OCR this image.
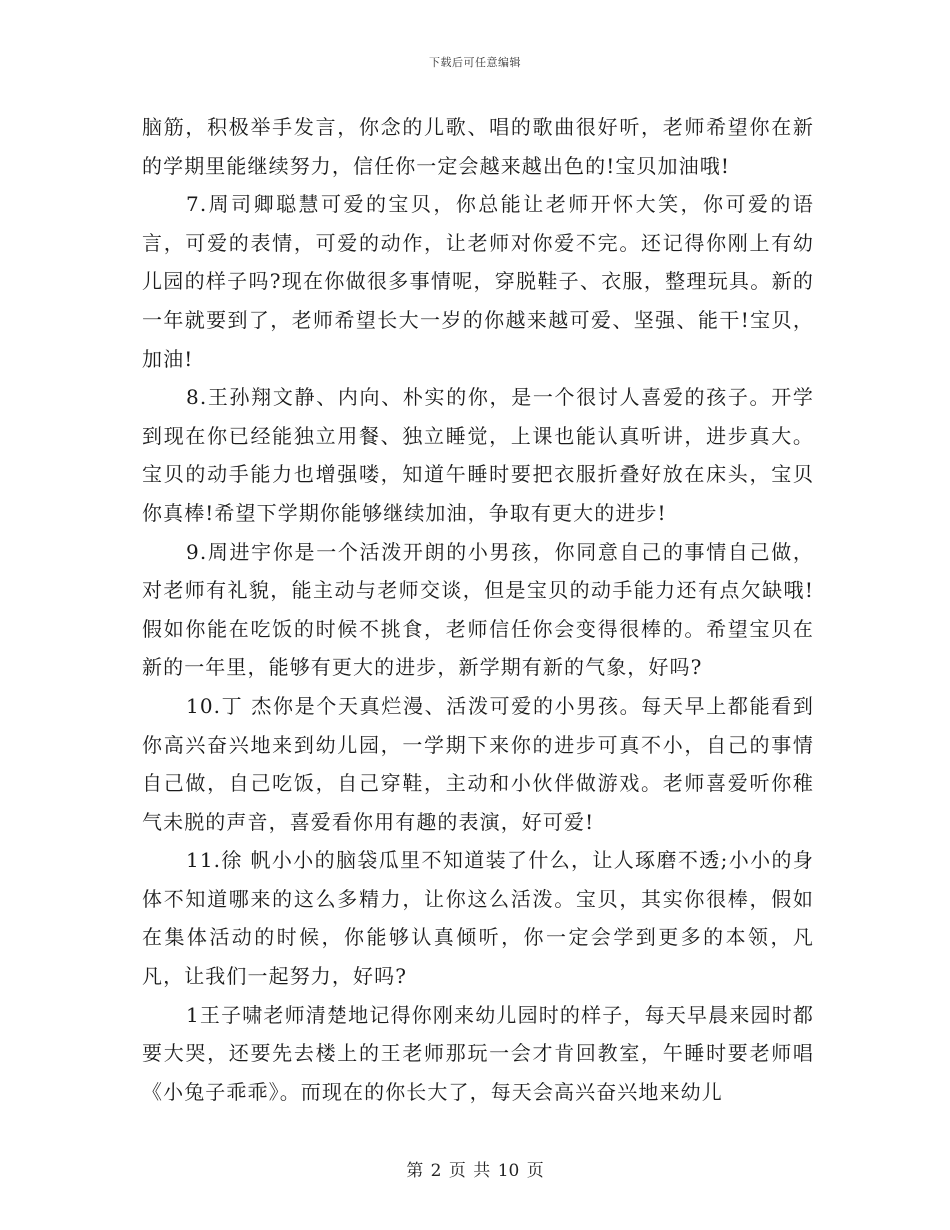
下载后可任意编辑

脑筋，积极举手发言，你念的儿歌、唱的歌曲很好听，老师希望你在新的学期里能继续努力，信任你一定会越来越出色的!宝贝加油哦!

7.周司卿聪慧可爱的宝贝，你总能让老师开怀大笑，你可爱的语言，可爱的表情，可爱的动作，让老师对你爱不完。还记得你刚上有幼儿园的样子吗?现在你做很多事情呢，穿脱鞋子、衣服，整理玩具。新的一年就要到了，老师希望长大一岁的你越来越可爱、坚强、能干!宝贝，加油!

8.王孙翔文静、内向、朴实的你，是一个很讨人喜爱的孩子。开学到现在你已经能独立用餐、独立睡觉，上课也能认真听讲，进步真大。宝贝的动手能力也增强喽，知道午睡时要把衣服折叠好放在床头，宝贝你真棒!希望下学期你能够继续加油，争取有更大的进步!

9.周进宇你是一个活泼开朗的小男孩，你同意自己的事情自己做，对老师有礼貌，能主动与老师交谈，但是宝贝的动手能力还有点欠缺哦!假如你能在吃饭的时候不挑食，老师信任你会变得很棒的。希望宝贝在新的一年里，能够有更大的进步，新学期有新的气象，好吗?

10.丁 杰你是个天真烂漫、活泼可爱的小男孩。每天早上都能看到你高兴奋兴地来到幼儿园，一学期下来你的进步可真不小，自己的事情自己做，自己吃饭，自己穿鞋，主动和小伙伴做游戏。老师喜爱听你稚气未脱的声音，喜爱看你用有趣的表演，好可爱!

11.徐 帆小小的脑袋瓜里不知道装了什么，让人琢磨不透;小小的身体不知道哪来的这么多精力，让你这么活泼。宝贝，其实你很棒，假如在集体活动的时候，你能够认真倾听，你一定会学到更多的本领，凡凡，让我们一起努力，好吗?

1王子啸老师清楚地记得你刚来幼儿园时的样子，每天早晨来园时都要大哭，还要先去楼上的王老师那玩一会才肯回教室，午睡时要老师唱《小兔子乖乖》。而现在的你长大了，每天会高兴奋兴地来幼儿

第 2 页 共 10 页
